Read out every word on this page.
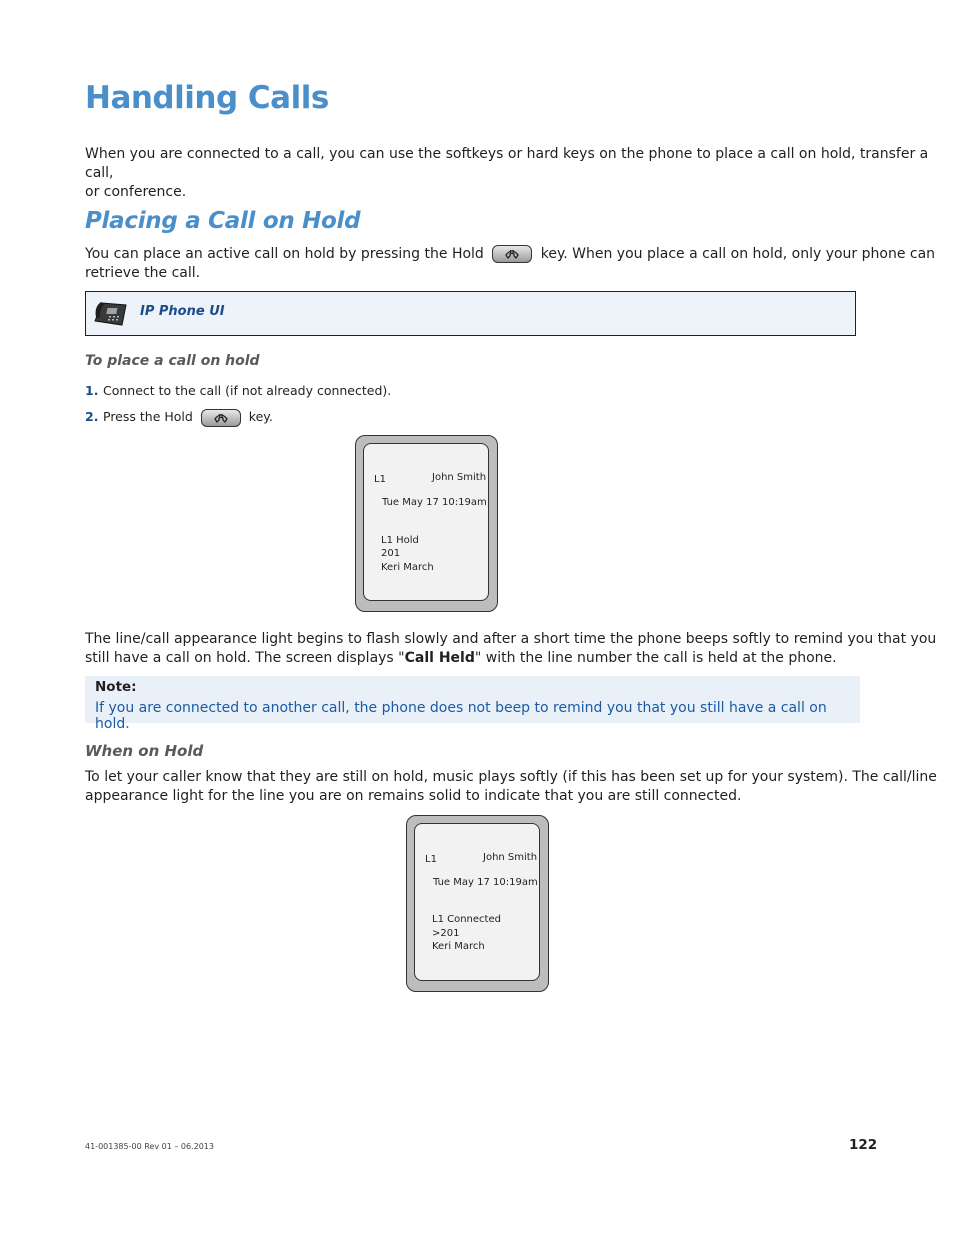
Handling Calls
When you are connected to a call, you can use the softkeys or hard keys on the phone to place a call on hold, transfer a call,
or conference.
Placing a Call on Hold
You can place an active call on hold by pressing the Hold	key. When you place a call on hold, only your phone can
retrieve the call.
IP Phone UI
To place a call on hold
1. Connect to the call (if not already connected).
2. Press the Hold	key.
L1	John Smith
Tue May 17 10:19am
L1 Hold
201
Keri March
The line/call appearance light begins to flash slowly and after a short time the phone beeps softly to remind you that you
still have a call on hold. The screen displays "Call Held" with the line number the call is held at the phone.
Note:
If you are connected to another call, the phone does not beep to remind you that you still have a call on hold.
When on Hold
To let your caller know that they are still on hold, music plays softly (if this has been set up for your system). The call/line
appearance light for the line you are on remains solid to indicate that you are still connected.
L1	John Smith
Tue May 17 10:19am
L1 Connected
>201
Keri March
41-001385-00 Rev 01 – 06.2013	122
